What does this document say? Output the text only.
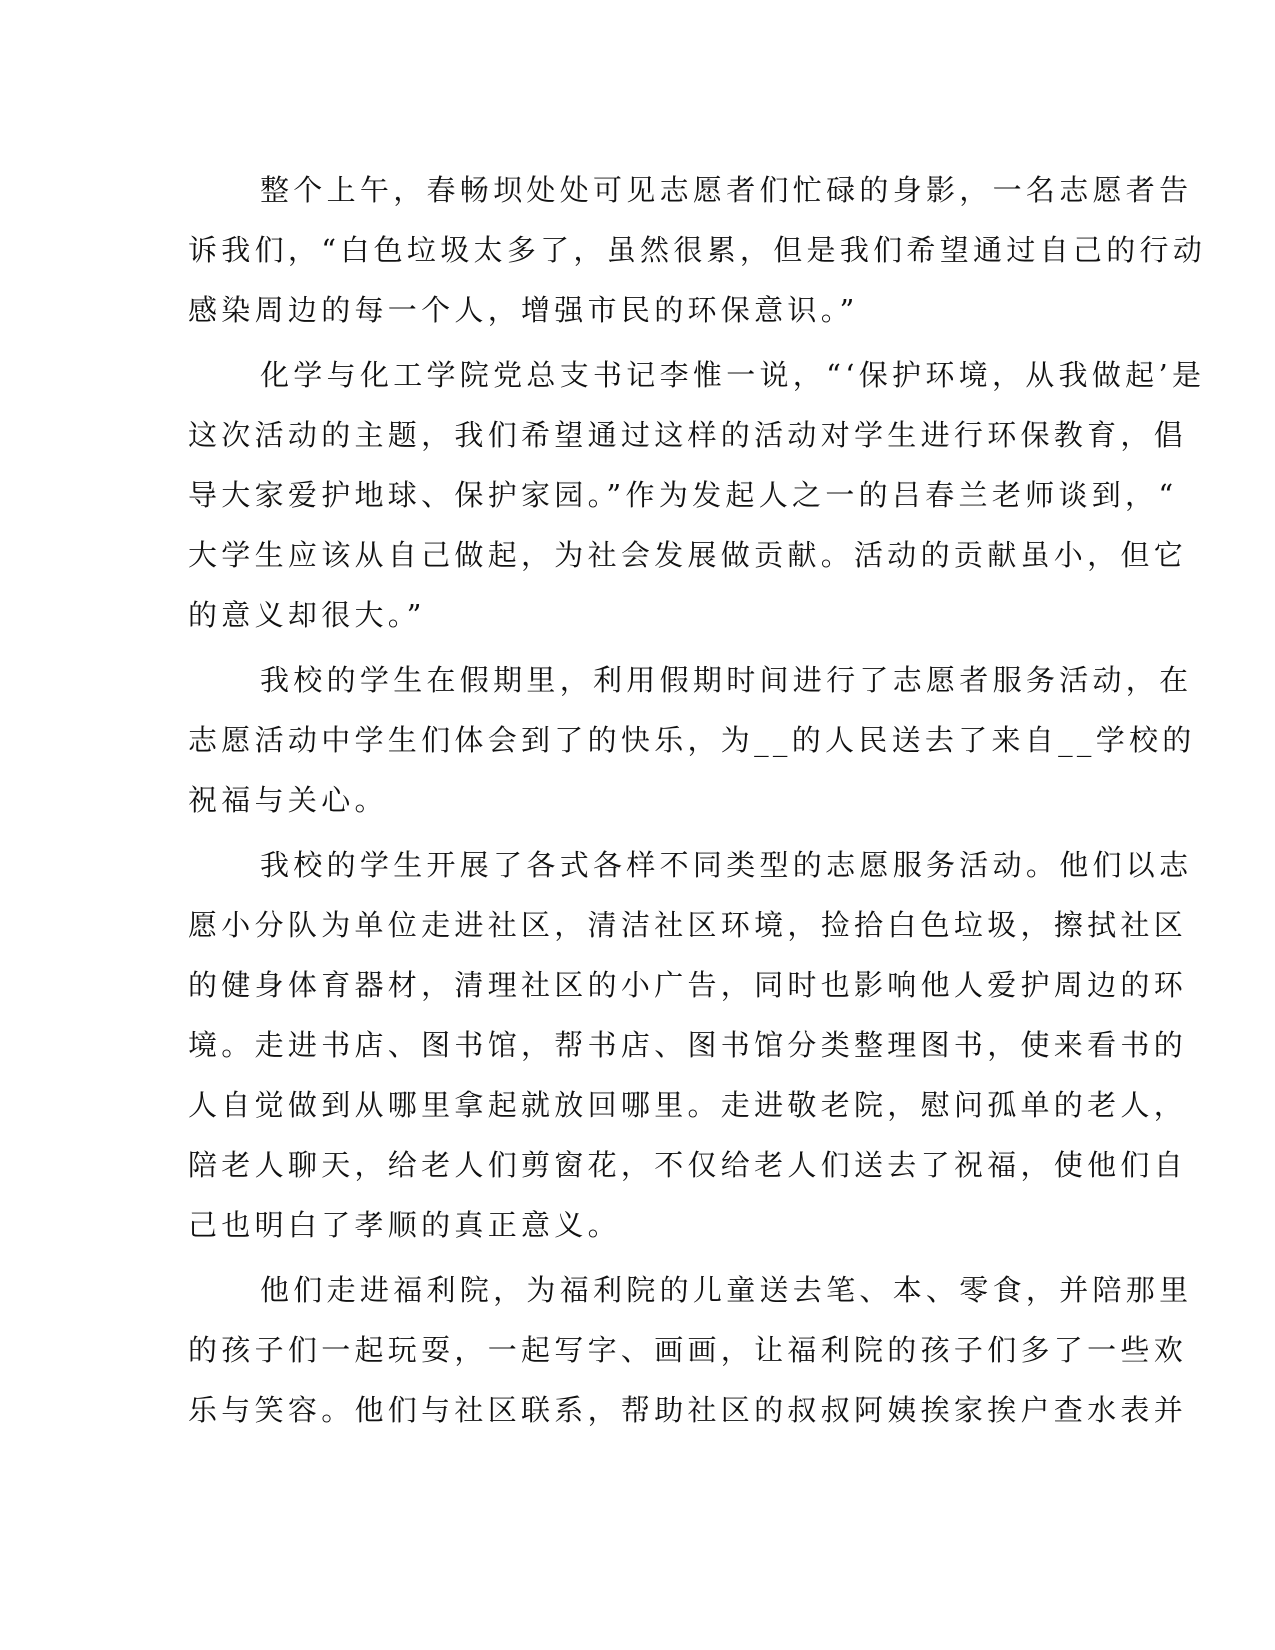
整个上午，春畅坝处处可见志愿者们忙碌的身影，一名志愿者告
诉我们，“白色垃圾太多了，虽然很累，但是我们希望通过自己的行动
感染周边的每一个人，增强市民的环保意识。”
化学与化工学院党总支书记李惟一说，“‘保护环境，从我做起’是
这次活动的主题，我们希望通过这样的活动对学生进行环保教育，倡
导大家爱护地球、保护家园。”作为发起人之一的吕春兰老师谈到，“
大学生应该从自己做起，为社会发展做贡献。活动的贡献虽小，但它
的意义却很大。”
我校的学生在假期里，利用假期时间进行了志愿者服务活动，在
志愿活动中学生们体会到了的快乐，为__的人民送去了来自__学校的
祝福与关心。
我校的学生开展了各式各样不同类型的志愿服务活动。他们以志
愿小分队为单位走进社区，清洁社区环境，捡拾白色垃圾，擦拭社区
的健身体育器材，清理社区的小广告，同时也影响他人爱护周边的环
境。走进书店、图书馆，帮书店、图书馆分类整理图书，使来看书的
人自觉做到从哪里拿起就放回哪里。走进敬老院，慰问孤单的老人，
陪老人聊天，给老人们剪窗花，不仅给老人们送去了祝福，使他们自
己也明白了孝顺的真正意义。
他们走进福利院，为福利院的儿童送去笔、本、零食，并陪那里
的孩子们一起玩耍，一起写字、画画，让福利院的孩子们多了一些欢
乐与笑容。他们与社区联系，帮助社区的叔叔阿姨挨家挨户查水表并
